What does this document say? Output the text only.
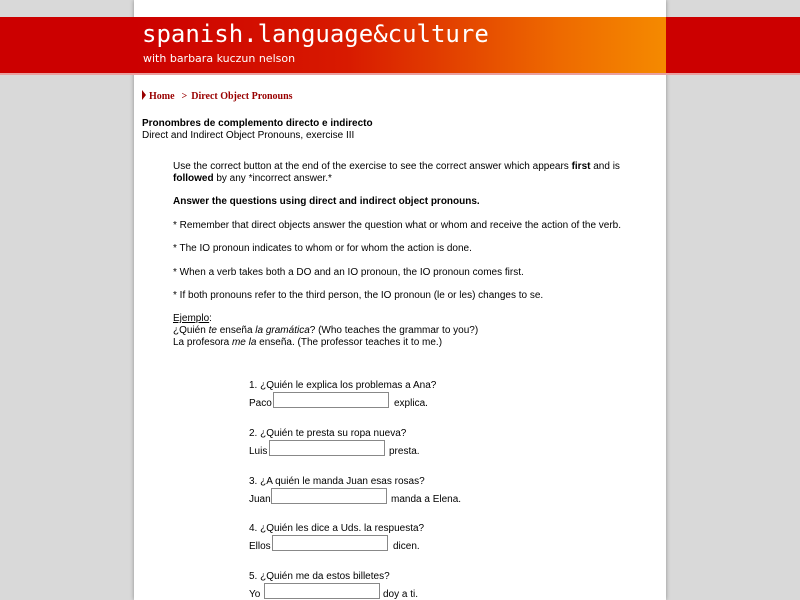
spanish.language&culture
with barbara kuczun nelson
Home > Direct Object Pronouns
Pronombres de complemento directo e indirecto
Direct and Indirect Object Pronouns, exercise III
Use the correct button at the end of the exercise to see the correct answer which appears first and is followed by any *incorrect answer.*
Answer the questions using direct and indirect object pronouns.
* Remember that direct objects answer the question what or whom and receive the action of the verb.
* The IO pronoun indicates to whom or for whom the action is done.
* When a verb takes both a DO and an IO pronoun, the IO pronoun comes first.
* If both pronouns refer to the third person, the IO pronoun (le or les) changes to se.
Ejemplo:
¿Quién te enseña la gramática? (Who teaches the grammar to you?)
La profesora me la enseña. (The professor teaches it to me.)
1. ¿Quién le explica los problemas a Ana?
Paco	explica.
2. ¿Quién te presta su ropa nueva?
Luis	presta.
3. ¿A quién le manda Juan esas rosas?
Juan	manda a Elena.
4. ¿Quién les dice a Uds. la respuesta?
Ellos	dicen.
5. ¿Quién me da estos billetes?
Yo	doy a ti.
